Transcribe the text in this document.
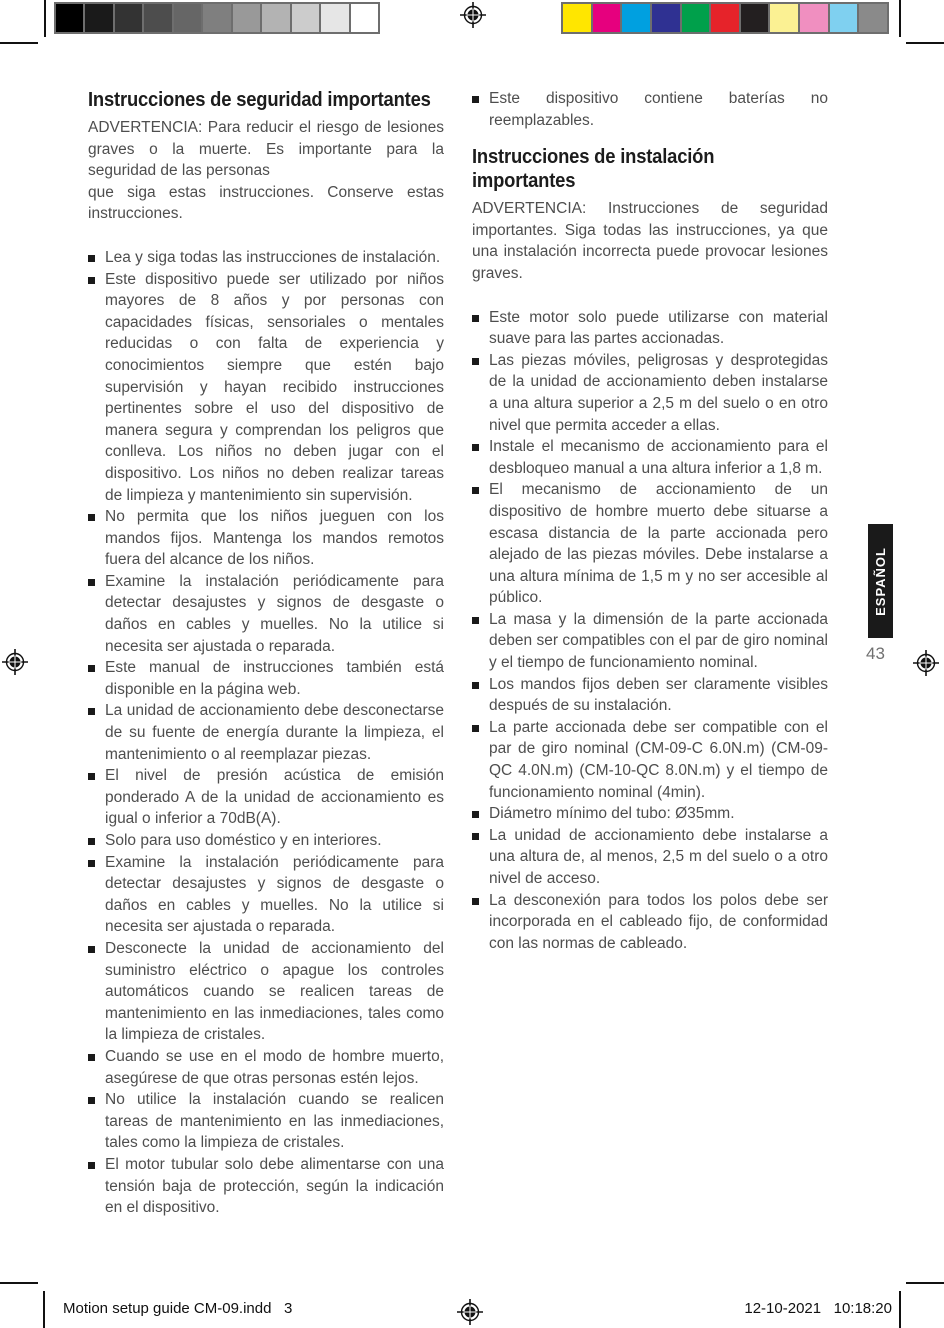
Instrucciones de seguridad importantes

ADVERTENCIA: Para reducir el riesgo de lesiones graves o la muerte. Es importante para la seguridad de las personas

que siga estas instrucciones. Conserve estas instrucciones.

Lea y siga todas las instrucciones de instalación.
Este dispositivo puede ser utilizado por niños mayores de 8 años y por personas con capacidades físicas, sensoriales o mentales reducidas o con falta de experiencia y conocimientos siempre que estén bajo supervisión y hayan recibido instrucciones pertinentes sobre el uso del dispositivo de manera segura y comprendan los peligros que conlleva. Los niños no deben jugar con el dispositivo. Los niños no deben realizar tareas de limpieza y mantenimiento sin supervisión.
No permita que los niños jueguen con los mandos fijos. Mantenga los mandos remotos fuera del alcance de los niños.
Examine la instalación periódicamente para detectar desajustes y signos de desgaste o daños en cables y muelles. No la utilice si necesita ser ajustada o reparada.
Este manual de instrucciones también está disponible en la página web.
La unidad de accionamiento debe desconectarse de su fuente de energía durante la limpieza, el mantenimiento o al reemplazar piezas.
El nivel de presión acústica de emisión ponderado A de la unidad de accionamiento es igual o inferior a 70dB(A).
Solo para uso doméstico y en interiores.
Examine la instalación periódicamente para detectar desajustes y signos de desgaste o daños en cables y muelles. No la utilice si necesita ser ajustada o reparada.
Desconecte la unidad de accionamiento del suministro eléctrico o apague los controles automáticos cuando se realicen tareas de mantenimiento en las inmediaciones, tales como la limpieza de cristales.
Cuando se use en el modo de hombre muerto, asegúrese de que otras personas estén lejos.
No utilice la instalación cuando se realicen tareas de mantenimiento en las inmediaciones, tales como la limpieza de cristales.
El motor tubular solo debe alimentarse con una tensión baja de protección, según la indicación en el dispositivo.
Este dispositivo contiene baterías no reemplazables.
Instrucciones de instalación importantes

ADVERTENCIA: Instrucciones de seguridad importantes. Siga todas las instrucciones, ya que una instalación incorrecta puede provocar lesiones graves.

Este motor solo puede utilizarse con material suave para las partes accionadas.
Las piezas móviles, peligrosas y desprotegidas de la unidad de accionamiento deben instalarse a una altura superior a 2,5 m del suelo o en otro nivel que permita acceder a ellas.
Instale el mecanismo de accionamiento para el desbloqueo manual a una altura inferior a 1,8 m.
El mecanismo de accionamiento de un dispositivo de hombre muerto debe situarse a escasa distancia de la parte accionada pero alejado de las piezas móviles. Debe instalarse a una altura mínima de 1,5 m y no ser accesible al público.
La masa y la dimensión de la parte accionada deben ser compatibles con el par de giro nominal y el tiempo de funcionamiento nominal.
Los mandos fijos deben ser claramente visibles después de su instalación.
La parte accionada debe ser compatible con el par de giro nominal (CM-09-C 6.0N.m) (CM-09-QC 4.0N.m) (CM-10-QC 8.0N.m) y el tiempo de funcionamiento nominal (4min).
Diámetro mínimo del tubo: Ø35mm.
La unidad de accionamiento debe instalarse a una altura de, al menos, 2,5 m del suelo o a otro nivel de acceso.
La desconexión para todos los polos debe ser incorporada en el cableado fijo, de conformidad con las normas de cableado.
ESPAÑOL
43
Motion setup guide CM-09.indd   3	12-10-2021   10:18:20
